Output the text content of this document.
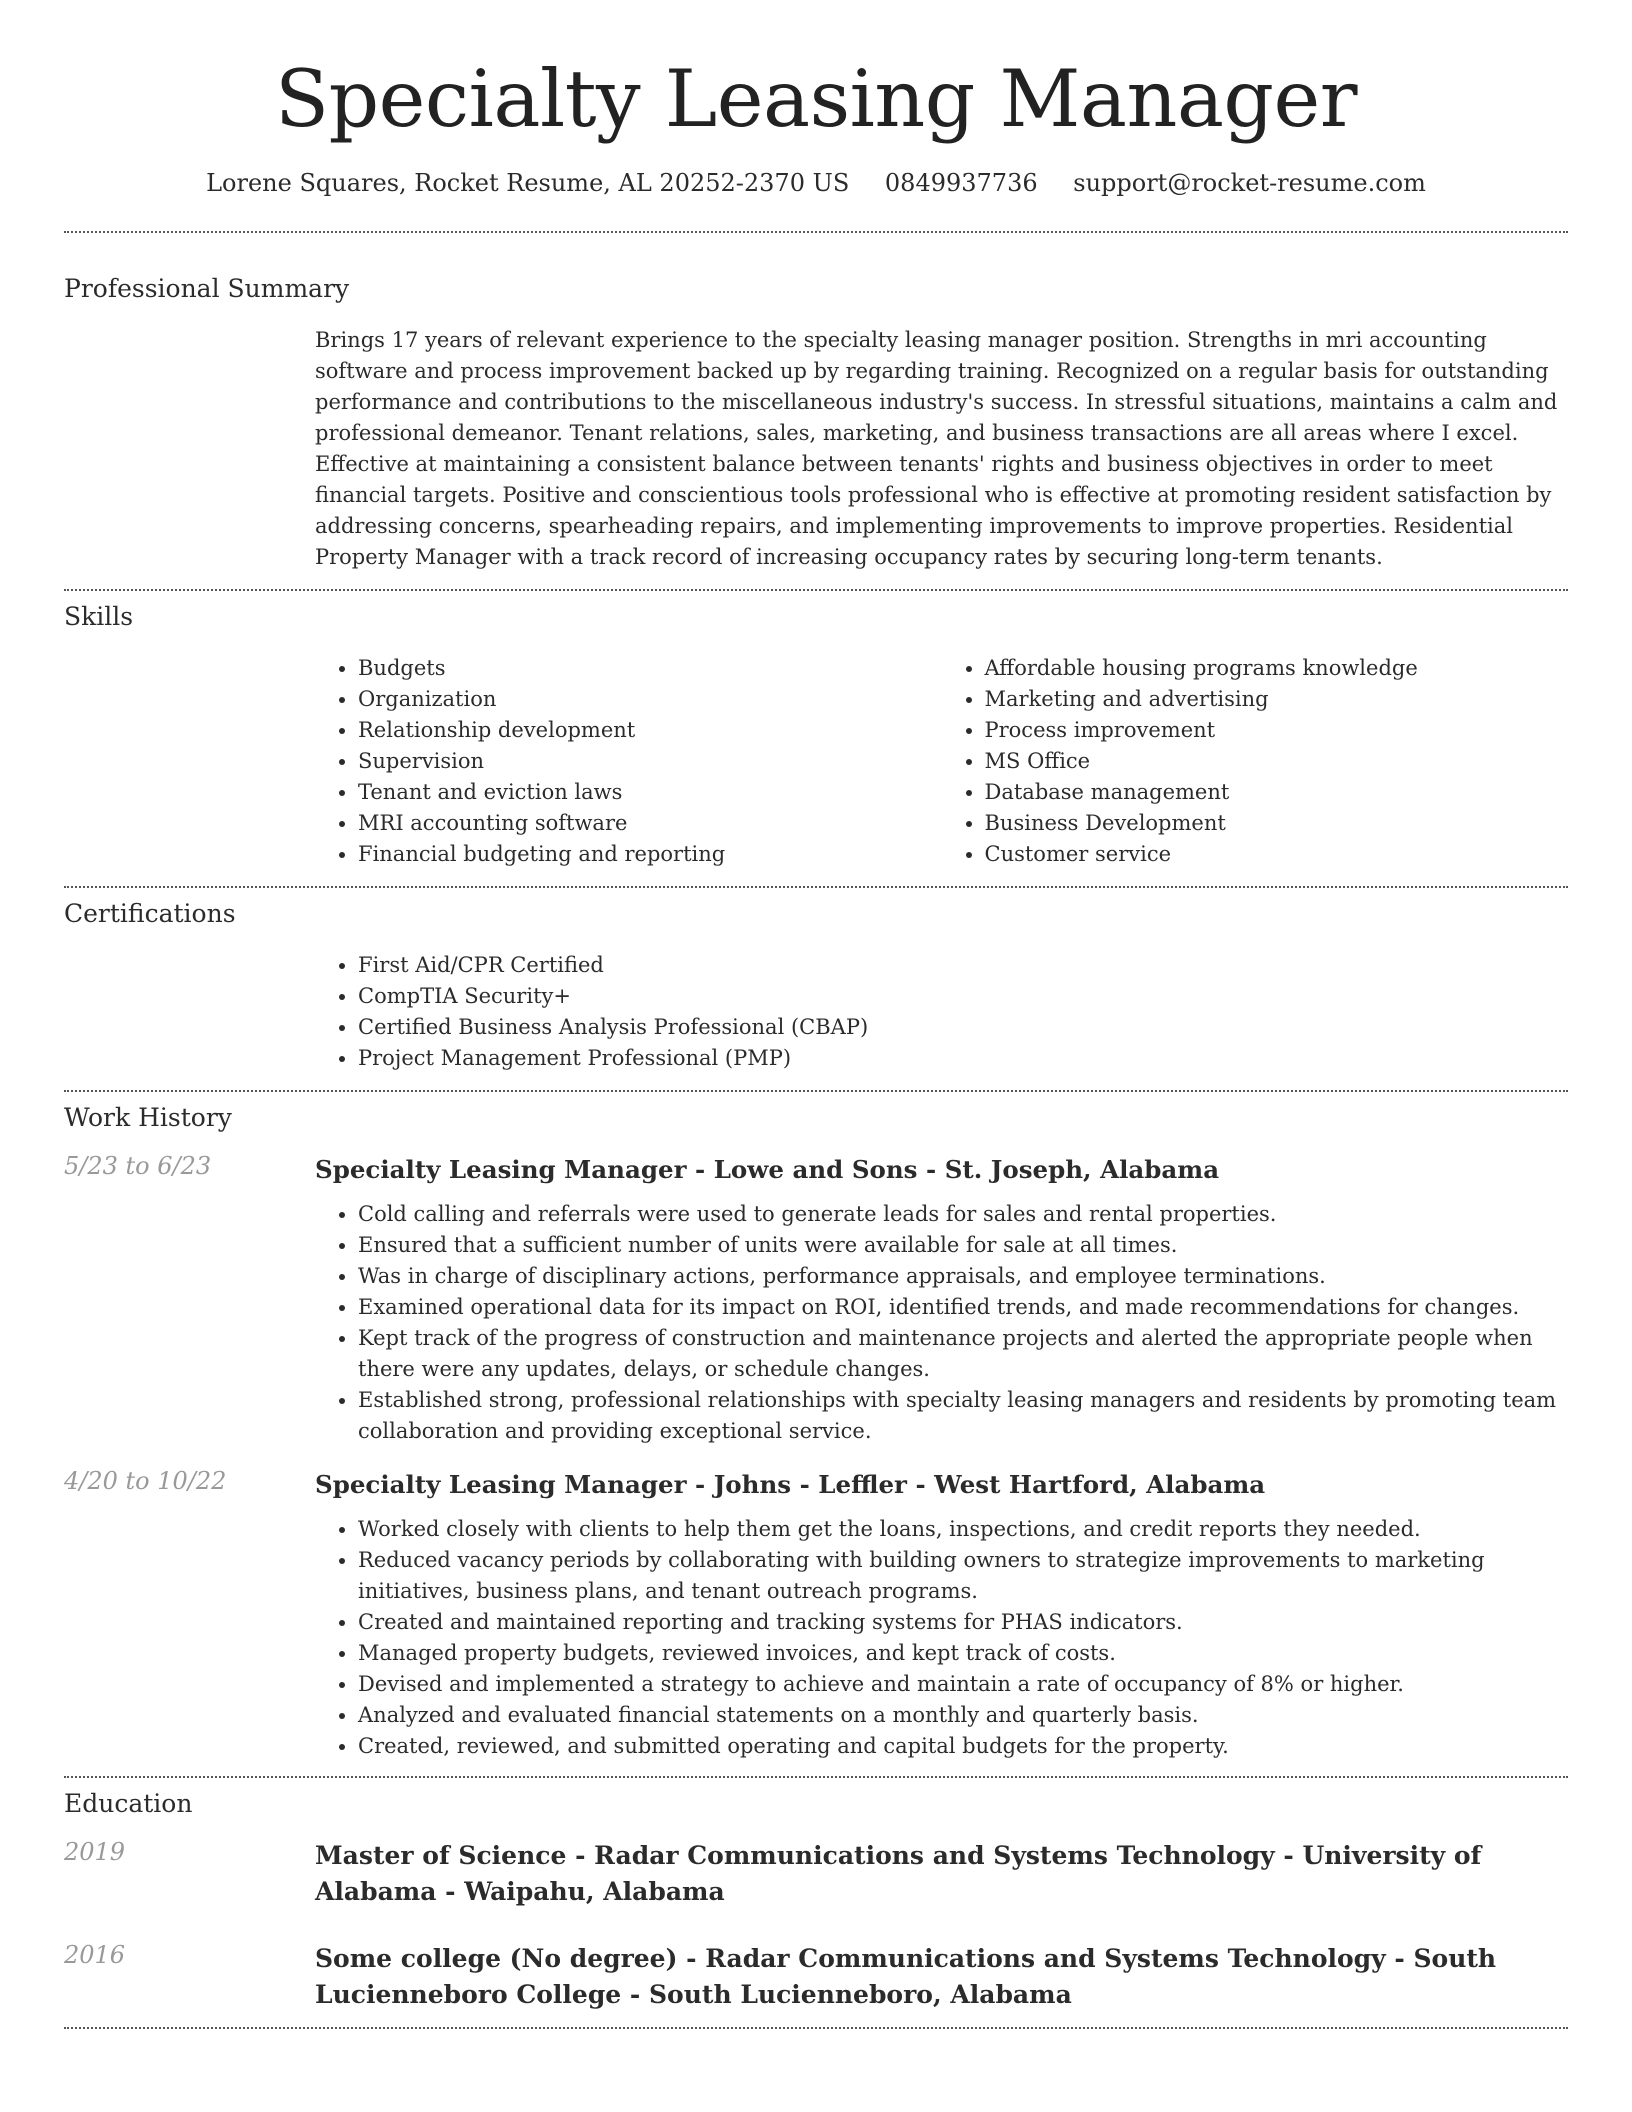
Specialty Leasing Manager
Lorene Squares, Rocket Resume, AL 20252-2370 US 0849937736 support@rocket-resume.com
Professional Summary

Brings 17 years of relevant experience to the specialty leasing manager position. Strengths in mri accounting software and process improvement backed up by regarding training. Recognized on a regular basis for outstanding performance and contributions to the miscellaneous industry's success. In stressful situations, maintains a calm and professional demeanor. Tenant relations, sales, marketing, and business transactions are all areas where I excel. Effective at maintaining a consistent balance between tenants' rights and business objectives in order to meet financial targets. Positive and conscientious tools professional who is effective at promoting resident satisfaction by addressing concerns, spearheading repairs, and implementing improvements to improve properties. Residential Property Manager with a track record of increasing occupancy rates by securing long-term tenants.

Skills
• Budgets
• Organization
• Relationship development
• Supervision
• Tenant and eviction laws
• MRI accounting software
• Financial budgeting and reporting
• Affordable housing programs knowledge
• Marketing and advertising
• Process improvement
• MS Office
• Database management
• Business Development
• Customer service
Certifications
• First Aid/CPR Certified
• CompTIA Security+
• Certified Business Analysis Professional (CBAP)
• Project Management Professional (PMP)
Work History
5/23 to 6/23	Specialty Leasing Manager - Lowe and Sons - St. Joseph, Alabama
• Cold calling and referrals were used to generate leads for sales and rental properties.
• Ensured that a sufficient number of units were available for sale at all times.
• Was in charge of disciplinary actions, performance appraisals, and employee terminations.
• Examined operational data for its impact on ROI, identified trends, and made recommendations for changes.
• Kept track of the progress of construction and maintenance projects and alerted the appropriate people when there were any updates, delays, or schedule changes.
• Established strong, professional relationships with specialty leasing managers and residents by promoting team collaboration and providing exceptional service.
4/20 to 10/22	Specialty Leasing Manager - Johns - Leffler - West Hartford, Alabama
• Worked closely with clients to help them get the loans, inspections, and credit reports they needed.
• Reduced vacancy periods by collaborating with building owners to strategize improvements to marketing initiatives, business plans, and tenant outreach programs.
• Created and maintained reporting and tracking systems for PHAS indicators.
• Managed property budgets, reviewed invoices, and kept track of costs.
• Devised and implemented a strategy to achieve and maintain a rate of occupancy of 8% or higher.
• Analyzed and evaluated financial statements on a monthly and quarterly basis.
• Created, reviewed, and submitted operating and capital budgets for the property.
Education
2019	Master of Science - Radar Communications and Systems Technology - University of Alabama - Waipahu, Alabama
2016	Some college (No degree) - Radar Communications and Systems Technology - South Lucienneboro College - South Lucienneboro, Alabama
